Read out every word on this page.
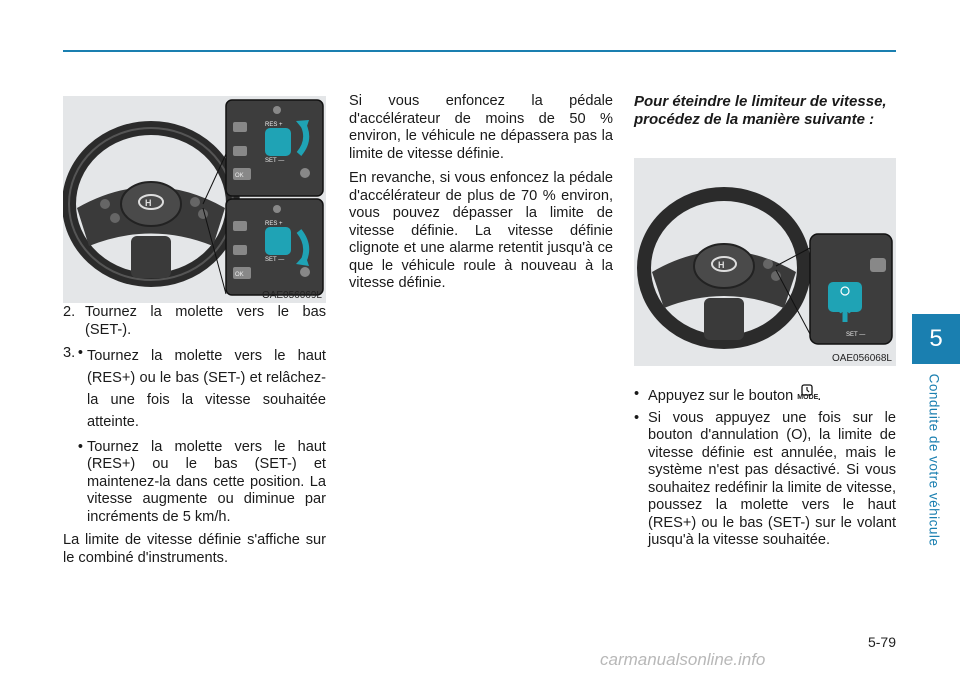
H
RES +
SET —
RES +
SET —
OK
OK
OAE056069L
2. Tournez la molette vers le bas (SET-).
3. • Tournez la molette vers le haut (RES+) ou le bas (SET-) et relâchez-la une fois la vitesse souhaitée atteinte.
• Tournez la molette vers le haut (RES+) ou le bas (SET-) et maintenez-la dans cette position. La vitesse augmente ou diminue par incréments de 5 km/h.

La limite de vitesse définie s'affiche sur le combiné d'instruments.

Si vous enfoncez la pédale d'accélérateur de moins de 50 % environ, le véhicule ne dépassera pas la limite de vitesse définie.

En revanche, si vous enfoncez la pédale d'accélérateur de plus de 70 % environ, vous pouvez dépasser la limite de vitesse définie. La vitesse définie clignote et une alarme retentit jusqu'à ce que le véhicule roule à nouveau à la vitesse définie.

Pour éteindre le limiteur de vitesse, procédez de la manière suivante :
H
SET —
OAE056068L
• Appuyez sur le bouton MODE .
• Si vous appuyez une fois sur le bouton d'annulation (O), la limite de vitesse définie est annulée, mais le système n'est pas désactivé. Si vous souhaitez redéfinir la limite de vitesse, poussez la molette vers le haut (RES+) ou le bas (SET-) sur le volant jusqu'à la vitesse souhaitée.
5
Conduite de votre véhicule
5-79
carmanualsonline.info
